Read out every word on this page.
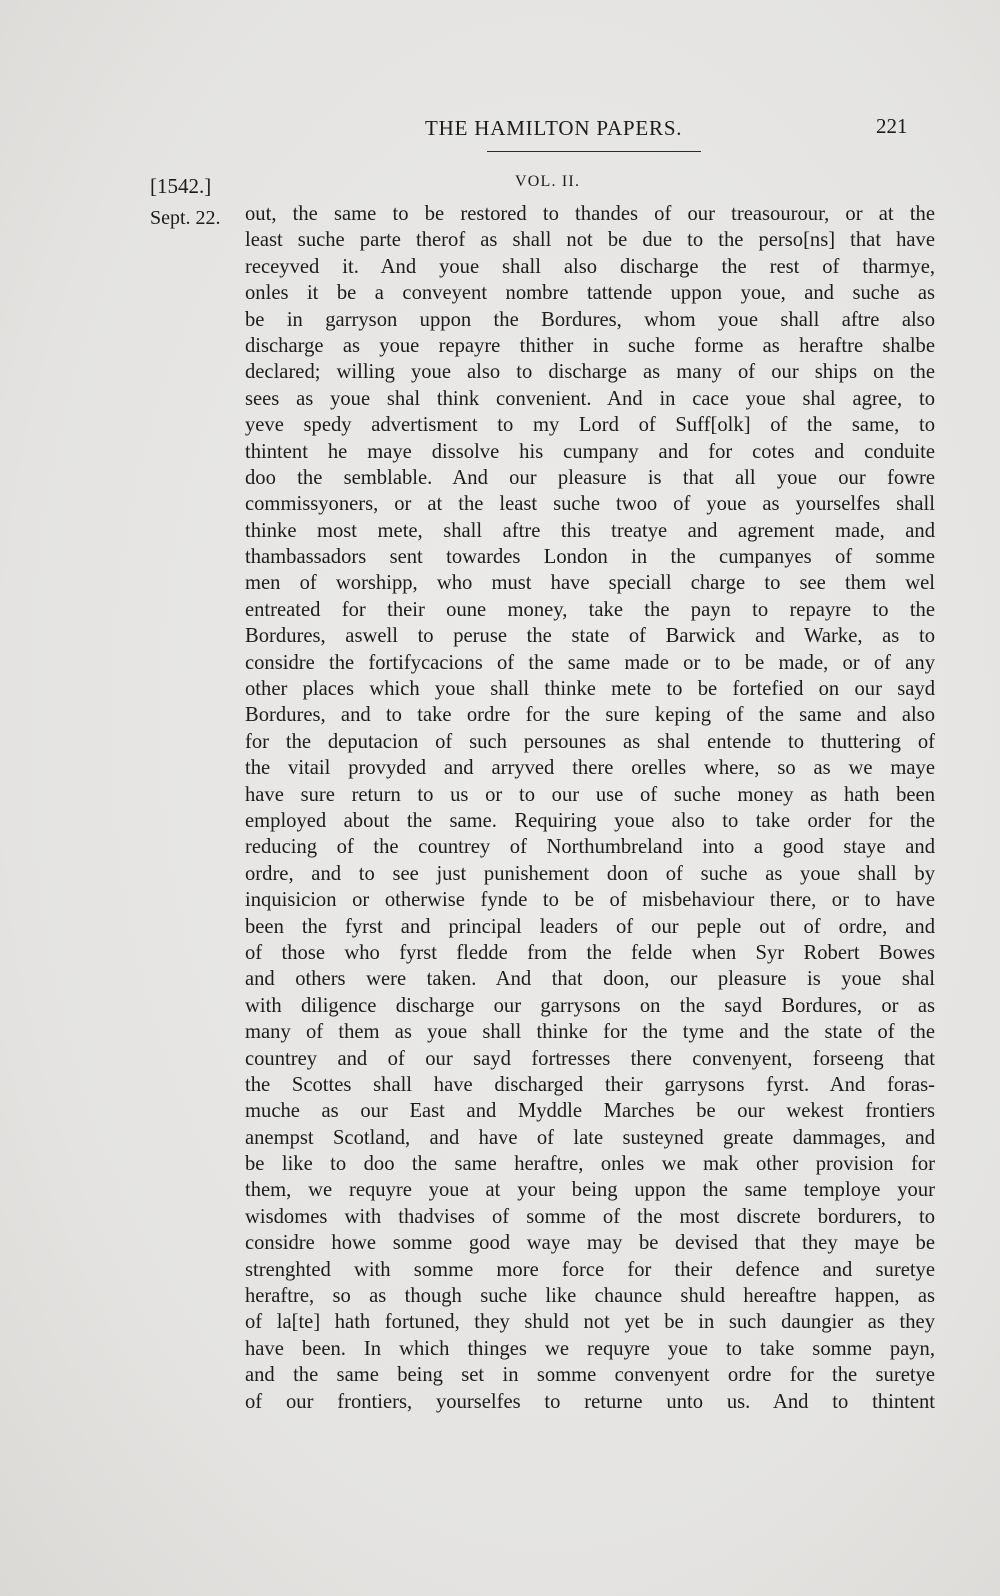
THE HAMILTON PAPERS.	221
[1542.]	VOL. II.
Sept. 22. out, the same to be restored to thandes of our treasourour, or at the
least suche parte therof as shall not be due to the perso[ns] that have
receyved it. And youe shall also discharge the rest of tharmye,
onles it be a conveyent nombre tattende uppon youe, and suche as
be in garryson uppon the Bordures, whom youe shall aftre also
discharge as youe repayre thither in suche forme as heraftre shalbe
declared; willing youe also to discharge as many of our ships on the
sees as youe shal think convenient. And in cace youe shal agree, to
yeve spedy advertisment to my Lord of Suff[olk] of the same, to
thintent he maye dissolve his cumpany and for cotes and conduite
doo the semblable. And our pleasure is that all youe our fowre
commissyoners, or at the least suche twoo of youe as yourselfes shall
thinke most mete, shall aftre this treatye and agrement made, and
thambassadors sent towardes London in the cumpanyes of somme
men of worshipp, who must have speciall charge to see them wel
entreated for their oune money, take the payn to repayre to the
Bordures, aswell to peruse the state of Barwick and Warke, as to
considre the fortifycacions of the same made or to be made, or of any
other places which youe shall thinke mete to be fortefied on our sayd
Bordures, and to take ordre for the sure keping of the same and also
for the deputacion of such persounes as shal entende to thuttering of
the vitail provyded and arryved there orelles where, so as we maye
have sure return to us or to our use of suche money as hath been
employed about the same. Requiring youe also to take order for the
reducing of the countrey of Northumbreland into a good staye and
ordre, and to see just punishement doon of suche as youe shall by
inquisicion or otherwise fynde to be of misbehaviour there, or to have
been the fyrst and principal leaders of our peple out of ordre, and
of those who fyrst fledde from the felde when Syr Robert Bowes
and others were taken. And that doon, our pleasure is youe shal
with diligence discharge our garrysons on the sayd Bordures, or as
many of them as youe shall thinke for the tyme and the state of the
countrey and of our sayd fortresses there convenyent, forseeng that
the Scottes shall have discharged their garrysons fyrst. And foras-
muche as our East and Myddle Marches be our wekest frontiers
anempst Scotland, and have of late susteyned greate dammages, and
be like to doo the same heraftre, onles we mak other provision for
them, we requyre youe at your being uppon the same temploye your
wisdomes with thadvises of somme of the most discrete bordurers, to
considre howe somme good waye may be devised that they maye be
strenghted with somme more force for their defence and suretye
heraftre, so as though suche like chaunce shuld hereaftre happen, as
of la[te] hath fortuned, they shuld not yet be in such daungier as they
have been. In which thinges we requyre youe to take somme payn,
and the same being set in somme convenyent ordre for the suretye
of our frontiers, yourselfes to returne unto us. And to thintent
